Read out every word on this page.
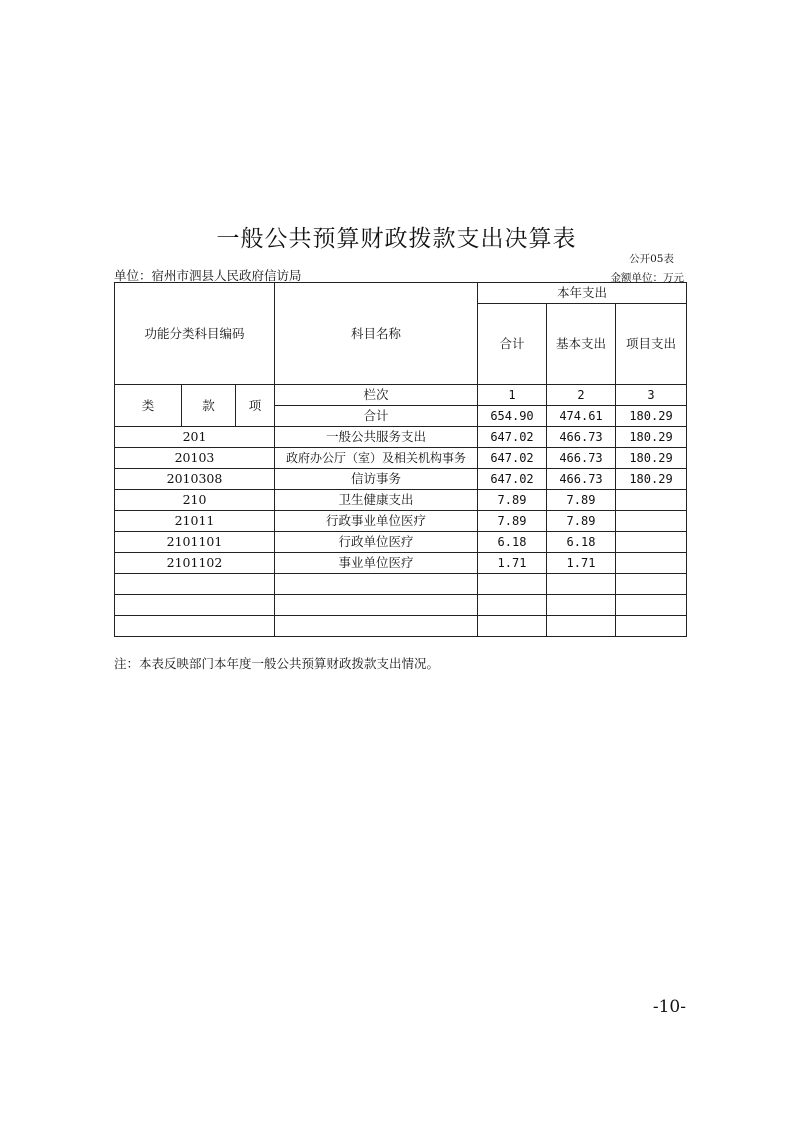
一般公共预算财政拨款支出决算表
公开05表
单位：宿州市泗县人民政府信访局	金额单位：万元
功能分类科目编码			科目名称	本年支出		
				合计	基本支出	项目支出
类	款	项	栏次	1	2	3
			合计	654.90	474.61	180.29
201			一般公共服务支出	647.02	466.73	180.29
20103			政府办公厅（室）及相关机构事务	647.02	466.73	180.29
2010308			信访事务	647.02	466.73	180.29
210			卫生健康支出	7.89	7.89	
21011			行政事业单位医疗	7.89	7.89	
2101101			行政单位医疗	6.18	6.18	
2101102			事业单位医疗	1.71	1.71	

注：本表反映部门本年度一般公共预算财政拨款支出情况。
-10-
